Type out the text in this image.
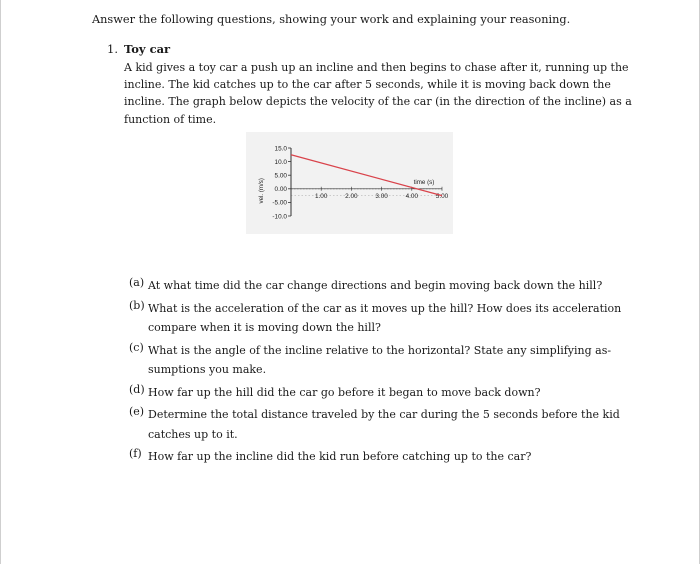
Answer the following questions, showing your work and explaining your reasoning.
1. Toy car
A kid gives a toy car a push up an incline and then begins to chase after it, running up the
incline. The kid catches up to the car after 5 seconds, while it is moving back down the
incline. The graph below depicts the velocity of the car (in the direction of the incline) as a
function of time.
15.0
10.0
5.00
0.00
-5.00
-10.0
1.00	2.00	3.00	4.00	5.00
time (s)
vel. (m/s)
(a) At what time did the car change directions and begin moving back down the hill?
(b) What is the acceleration of the car as it moves up the hill? How does its acceleration
compare when it is moving down the hill?
(c) What is the angle of the incline relative to the horizontal? State any simplifying as-
sumptions you make.
(d) How far up the hill did the car go before it began to move back down?
(e) Determine the total distance traveled by the car during the 5 seconds before the kid
catches up to it.
(f) How far up the incline did the kid run before catching up to the car?
